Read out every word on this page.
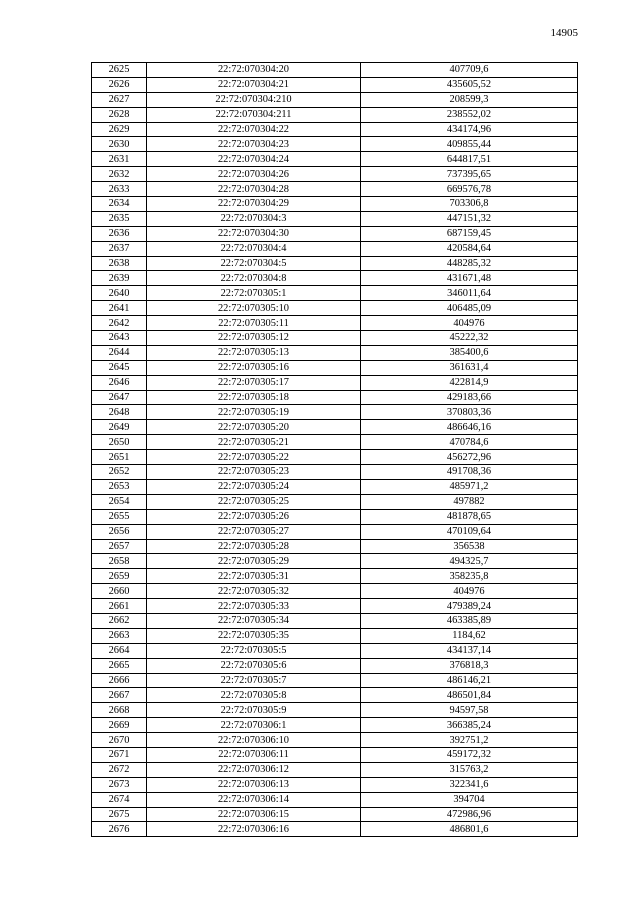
14905
2625	22:72:070304:20	407709,6
2626	22:72:070304:21	435605,52
2627	22:72:070304:210	208599,3
2628	22:72:070304:211	238552,02
2629	22:72:070304:22	434174,96
2630	22:72:070304:23	409855,44
2631	22:72:070304:24	644817,51
2632	22:72:070304:26	737395,65
2633	22:72:070304:28	669576,78
2634	22:72:070304:29	703306,8
2635	22:72:070304:3	447151,32
2636	22:72:070304:30	687159,45
2637	22:72:070304:4	420584,64
2638	22:72:070304:5	448285,32
2639	22:72:070304:8	431671,48
2640	22:72:070305:1	346011,64
2641	22:72:070305:10	406485,09
2642	22:72:070305:11	404976
2643	22:72:070305:12	45222,32
2644	22:72:070305:13	385400,6
2645	22:72:070305:16	361631,4
2646	22:72:070305:17	422814,9
2647	22:72:070305:18	429183,66
2648	22:72:070305:19	370803,36
2649	22:72:070305:20	486646,16
2650	22:72:070305:21	470784,6
2651	22:72:070305:22	456272,96
2652	22:72:070305:23	491708,36
2653	22:72:070305:24	485971,2
2654	22:72:070305:25	497882
2655	22:72:070305:26	481878,65
2656	22:72:070305:27	470109,64
2657	22:72:070305:28	356538
2658	22:72:070305:29	494325,7
2659	22:72:070305:31	358235,8
2660	22:72:070305:32	404976
2661	22:72:070305:33	479389,24
2662	22:72:070305:34	463385,89
2663	22:72:070305:35	1184,62
2664	22:72:070305:5	434137,14
2665	22:72:070305:6	376818,3
2666	22:72:070305:7	486146,21
2667	22:72:070305:8	486501,84
2668	22:72:070305:9	94597,58
2669	22:72:070306:1	366385,24
2670	22:72:070306:10	392751,2
2671	22:72:070306:11	459172,32
2672	22:72:070306:12	315763,2
2673	22:72:070306:13	322341,6
2674	22:72:070306:14	394704
2675	22:72:070306:15	472986,96
2676	22:72:070306:16	486801,6
